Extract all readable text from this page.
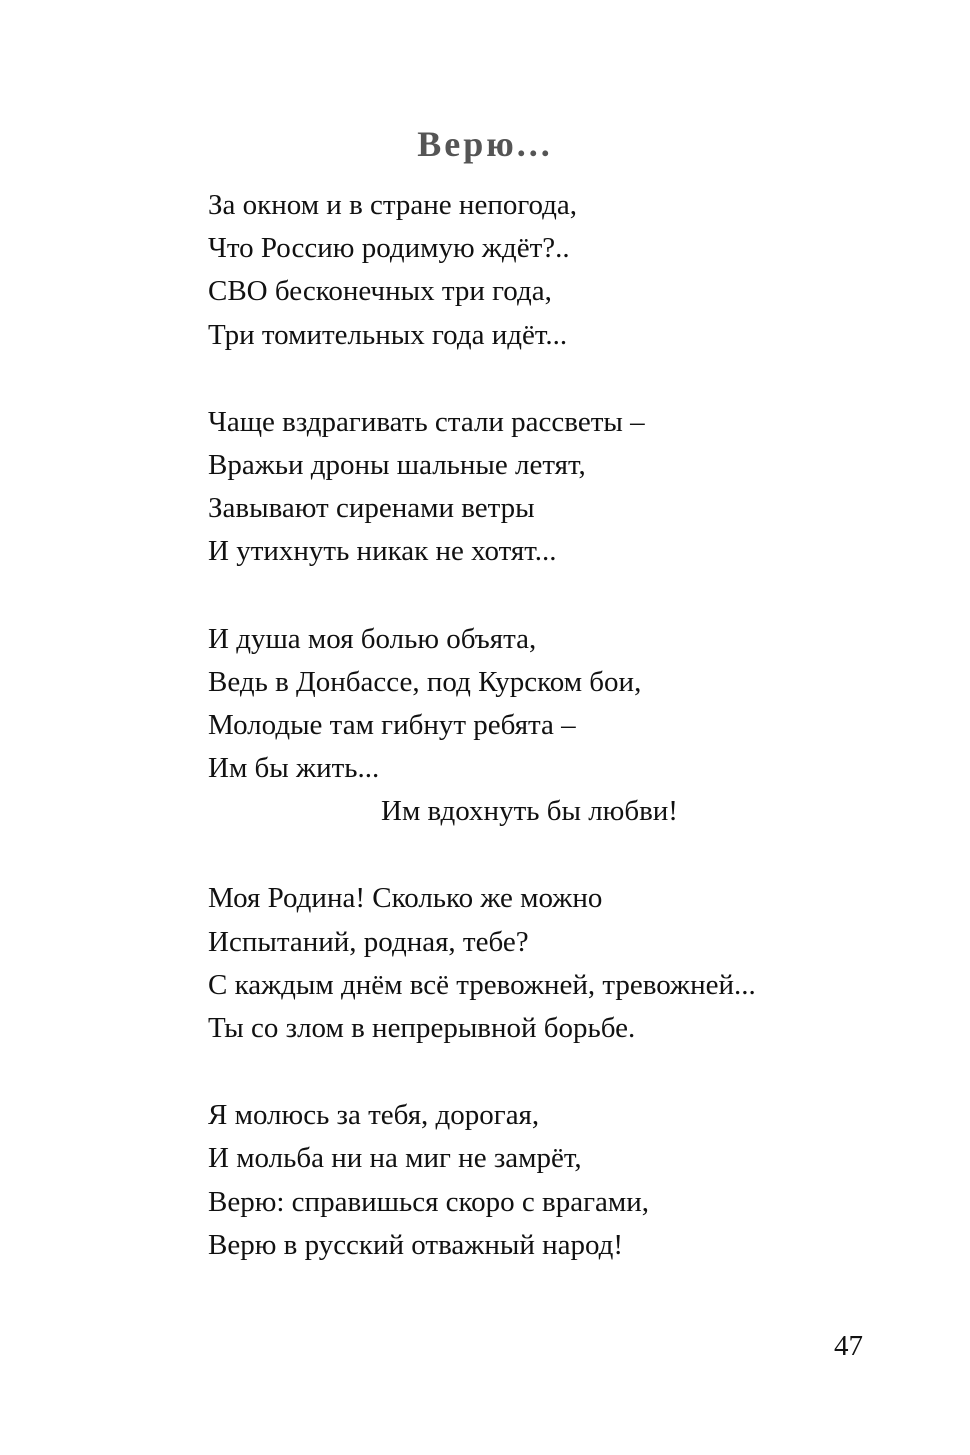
Верю...
За окном и в стране непогода,
Что Россию родимую ждёт?..
СВО бесконечных три года,
Три томительных года идёт...
Чаще вздрагивать стали рассветы –
Вражьи дроны шальные летят,
Завывают сиренами ветры
И утихнуть никак не хотят...
И душа моя болью объята,
Ведь в Донбассе, под Курском бои,
Молодые там гибнут ребята –
Им бы жить...
Им вдохнуть бы любви!
Моя Родина! Сколько же можно
Испытаний, родная, тебе?
С каждым днём всё тревожней, тревожней...
Ты со злом в непрерывной борьбе.
Я молюсь за тебя, дорогая,
И мольба ни на миг не замрёт,
Верю: справишься скоро с врагами,
Верю в русский отважный народ!
47
